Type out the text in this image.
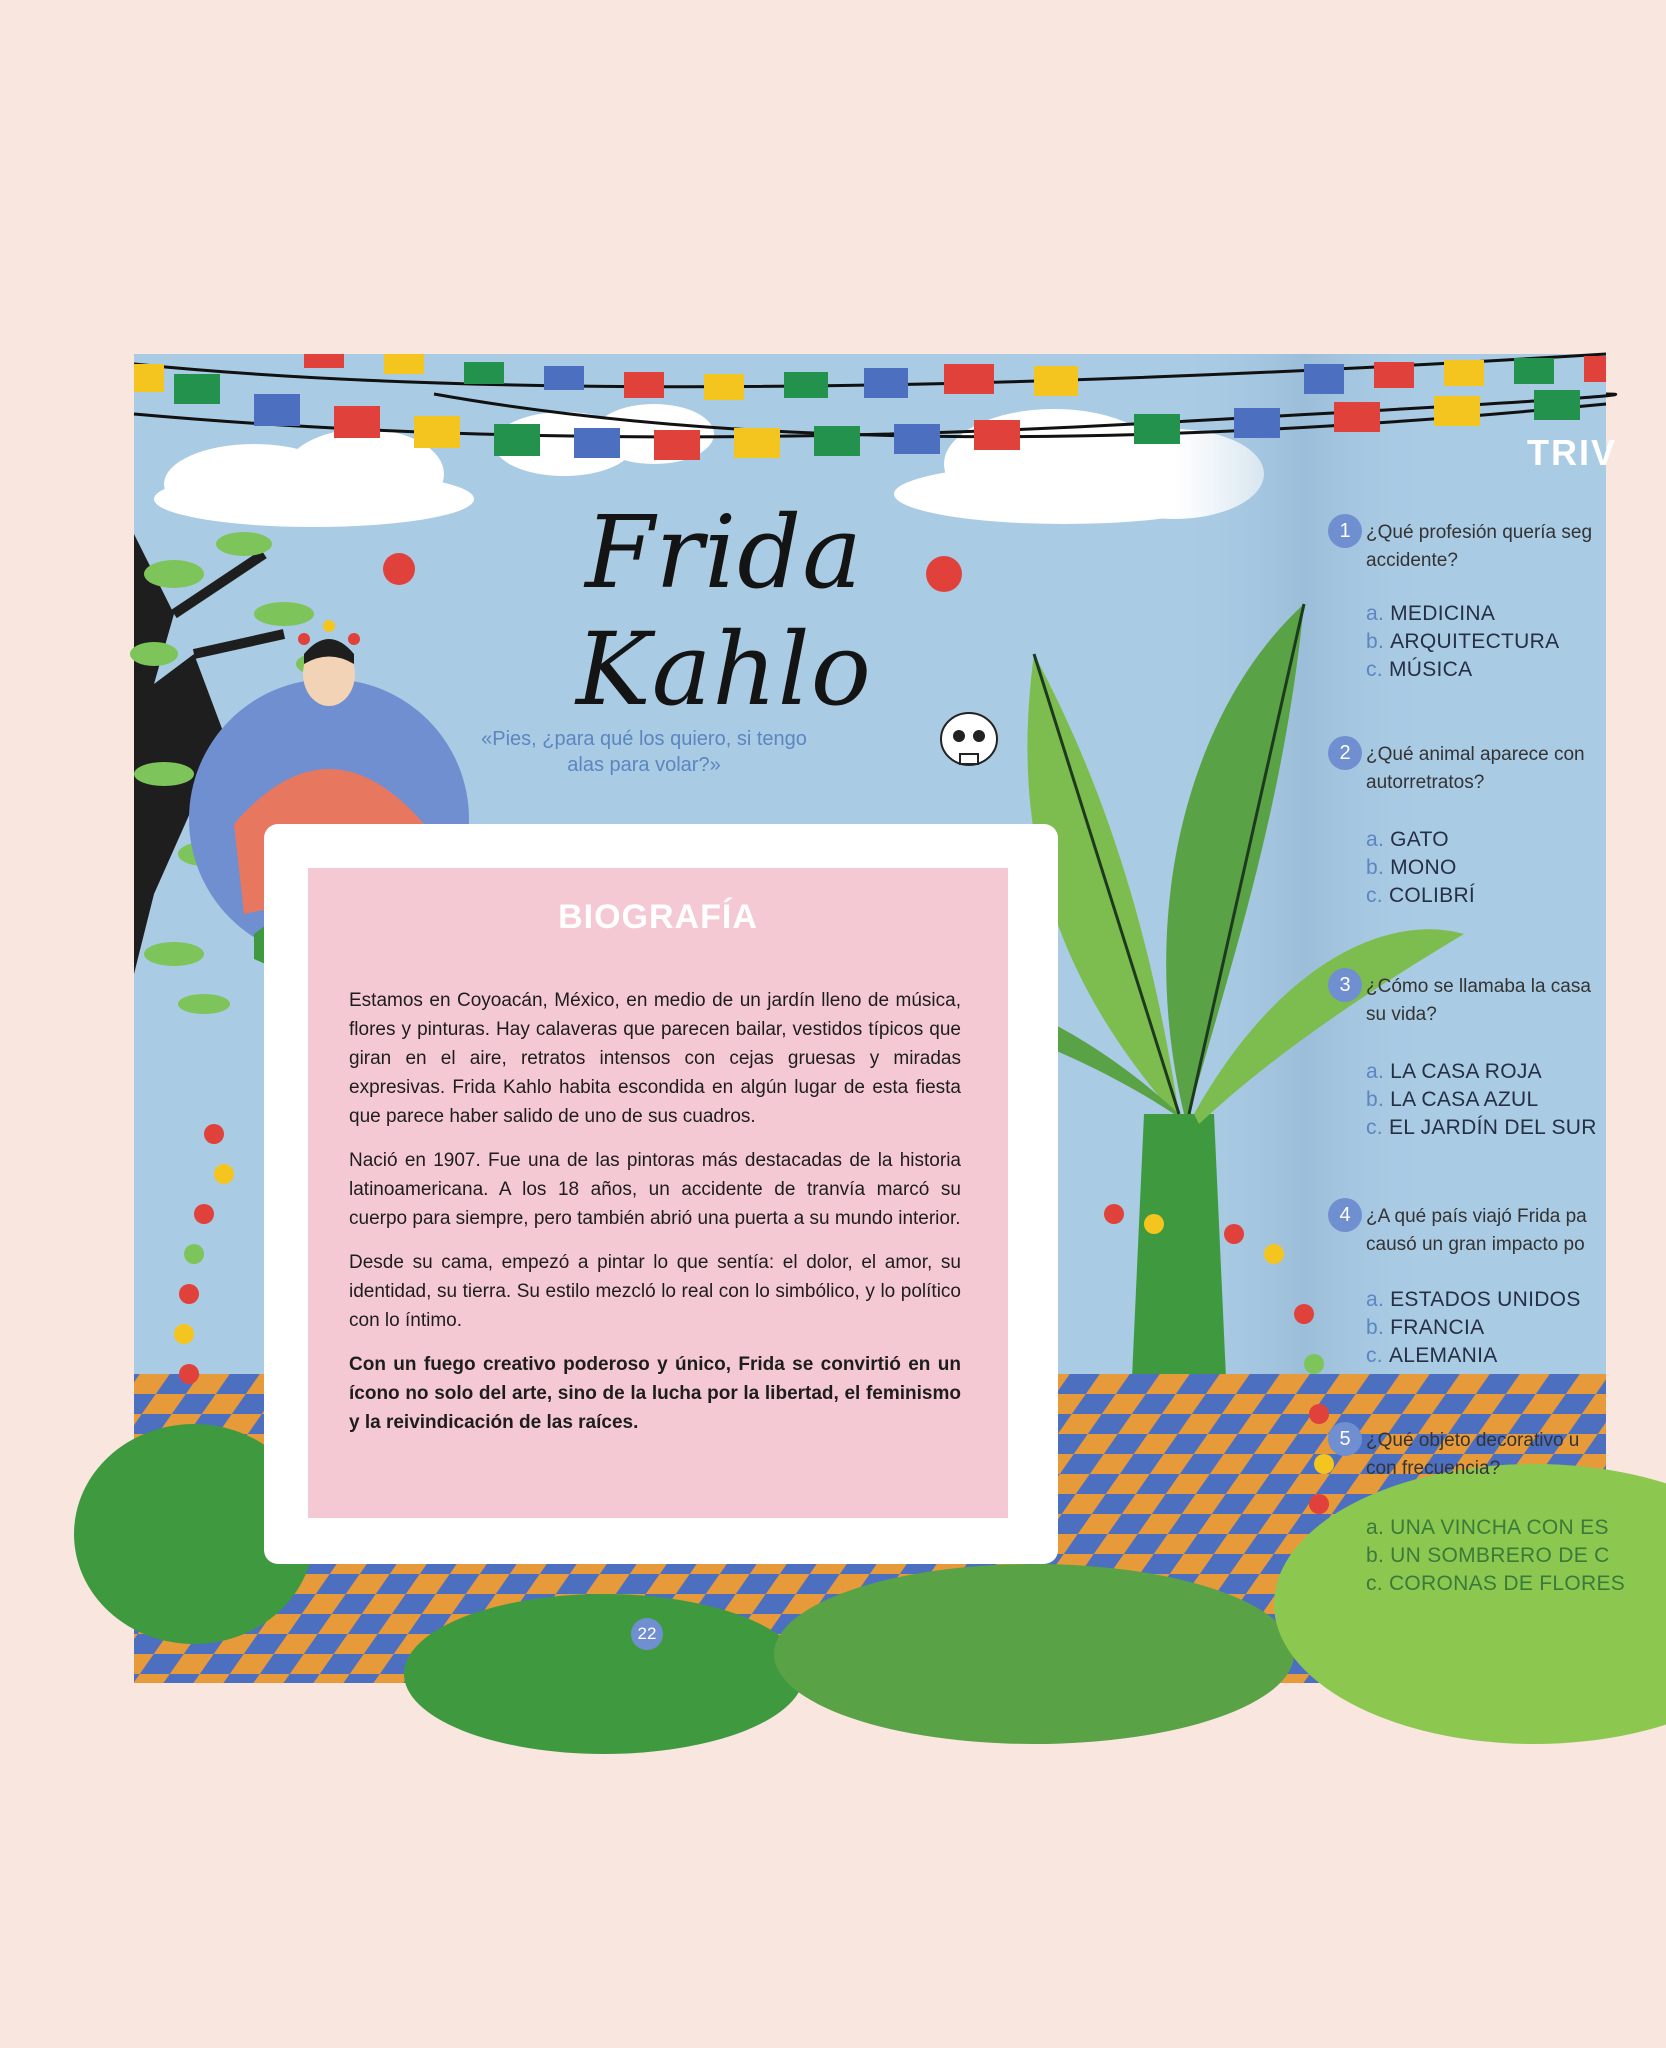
Frida Kahlo
«Pies, ¿para qué los quiero, si tengo alas para volar?»
BIOGRAFÍA

Estamos en Coyoacán, México, en medio de un jardín lleno de música, flores y pinturas. Hay calaveras que parecen bailar, vestidos típicos que giran en el aire, retratos intensos con cejas gruesas y miradas expresivas. Frida Kahlo habita escondida en algún lugar de esta fiesta que parece haber salido de uno de sus cuadros.

Nació en 1907. Fue una de las pintoras más destacadas de la historia latinoamericana. A los 18 años, un accidente de tranvía marcó su cuerpo para siempre, pero también abrió una puerta a su mundo interior.

Desde su cama, empezó a pintar lo que sentía: el dolor, el amor, su identidad, su tierra. Su estilo mezcló lo real con lo simbólico, y lo político con lo íntimo.

Con un fuego creativo poderoso y único, Frida se convirtió en un ícono no solo del arte, sino de la lucha por la libertad, el feminismo y la reivindicación de las raíces.

22
TRIV
1 ¿Qué profesión quería seg
accidente?
a. MEDICINA
b. ARQUITECTURA
c. MÚSICA
2 ¿Qué animal aparece con
autorretratos?
a. GATO
b. MONO
c. COLIBRÍ
3 ¿Cómo se llamaba la casa
su vida?
a. LA CASA ROJA
b. LA CASA AZUL
c. EL JARDÍN DEL SUR
4 ¿A qué país viajó Frida pa
causó un gran impacto po
a. ESTADOS UNIDOS
b. FRANCIA
c. ALEMANIA
5 ¿Qué objeto decorativo u
con frecuencia?
a. UNA VINCHA CON ES
b. UN SOMBRERO DE C
c. CORONAS DE FLORES
